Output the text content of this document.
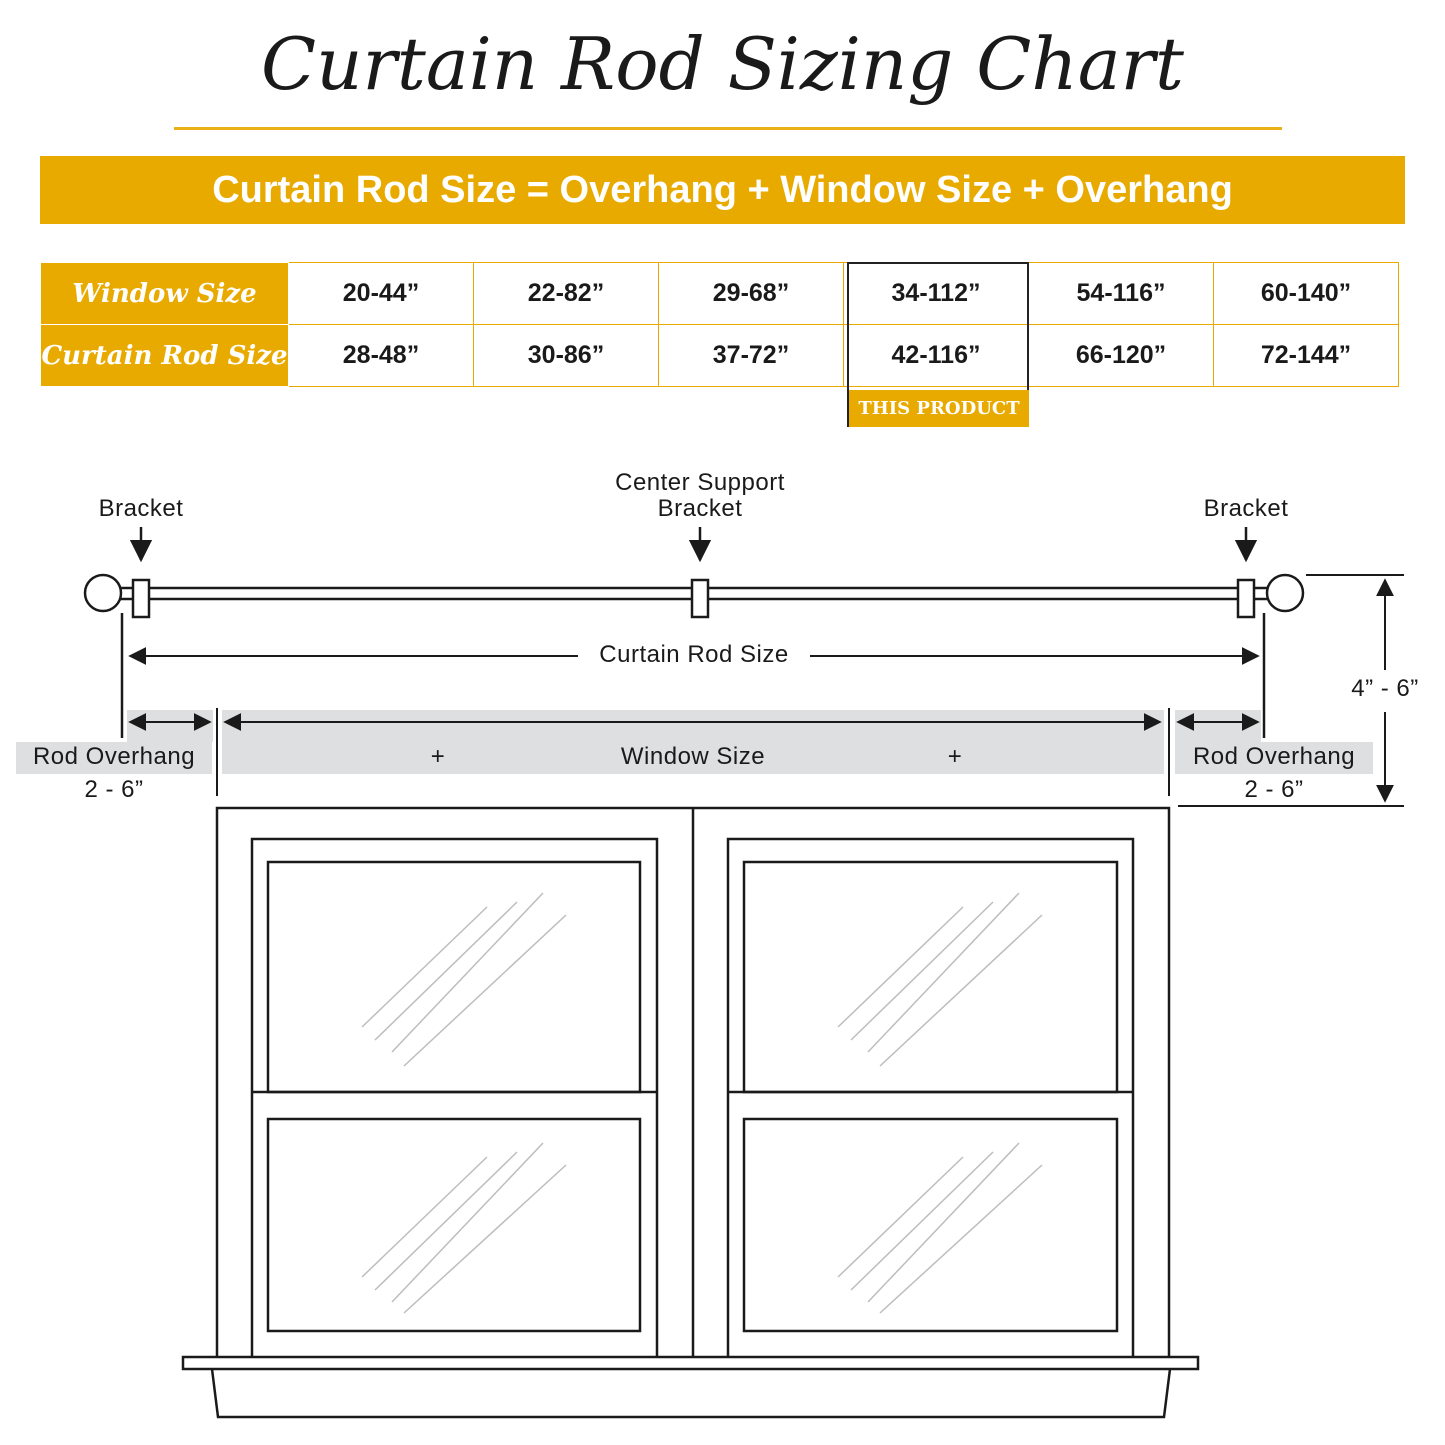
Curtain Rod Sizing Chart
Curtain Rod Size = Overhang + Window Size + Overhang
Window Size	20-44”	22-82”	29-68”	34-112”	54-116”	60-140”
Curtain Rod Size	28-48”	30-86”	37-72”	42-116”	66-120”	72-144”
THIS PRODUCT
Bracket
Center Support
Bracket	Bracket
Curtain Rod Size
Window Size
+	+
Rod Overhang
2 - 6”
Rod Overhang
2 - 6”
4” - 6”
